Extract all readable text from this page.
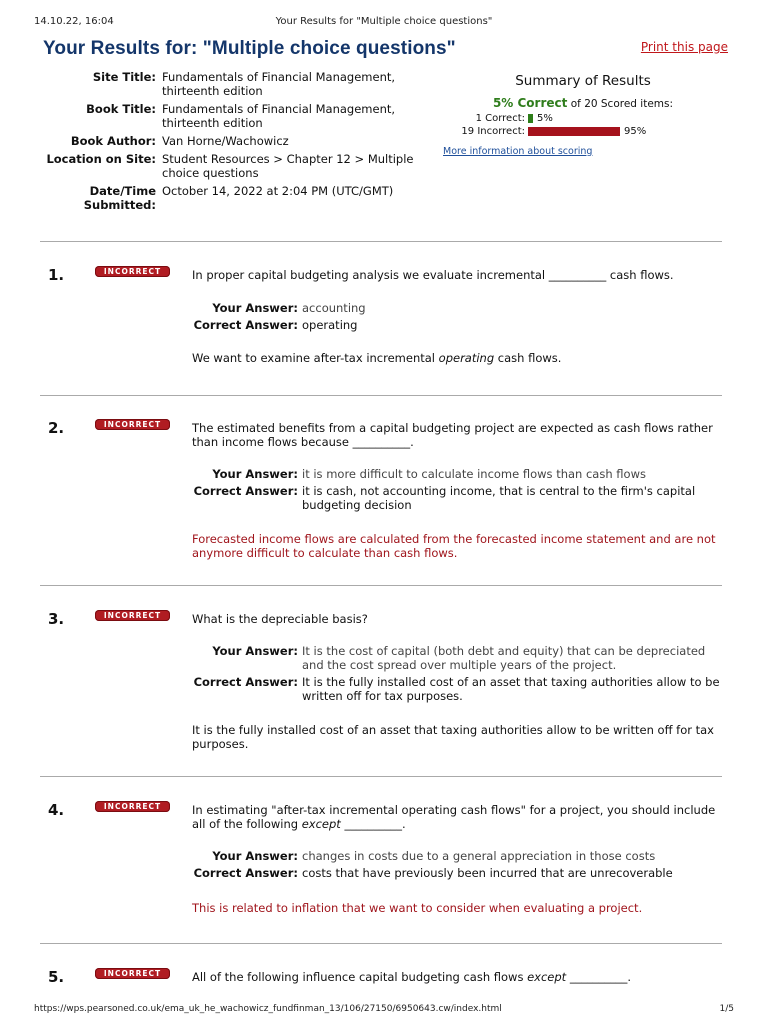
14.10.22, 16:04	Your Results for "Multiple choice questions"
Your Results for: "Multiple choice questions"	Print this page
Site Title: Fundamentals of Financial Management, thirteenth edition
Book Title: Fundamentals of Financial Management, thirteenth edition
Book Author: Van Horne/Wachowicz
Location on Site: Student Resources > Chapter 12 > Multiple choice questions
Date/Time Submitted:
October 14, 2022 at 2:04 PM (UTC/GMT)
Summary of Results
5% Correct of 20 Scored items:
1 Correct:	5%
19 Incorrect:	95%
More information about scoring
1.	INCORRECT	In proper capital budgeting analysis we evaluate incremental __________ cash flows.
Your Answer: accounting
Correct Answer: operating
We want to examine after-tax incremental operating cash flows.
2.	INCORRECT	The estimated benefits from a capital budgeting project are expected as cash flows rather than income flows because __________.
Your Answer: it is more difficult to calculate income flows than cash flows
Correct Answer: it is cash, not accounting income, that is central to the firm's capital budgeting decision
Forecasted income flows are calculated from the forecasted income statement and are not anymore difficult to calculate than cash flows.
3.	INCORRECT	What is the depreciable basis?
Your Answer: It is the cost of capital (both debt and equity) that can be depreciated and the cost spread over multiple years of the project.
Correct Answer: It is the fully installed cost of an asset that taxing authorities allow to be written off for tax purposes.
It is the fully installed cost of an asset that taxing authorities allow to be written off for tax purposes.
4.	INCORRECT	In estimating "after-tax incremental operating cash flows" for a project, you should include all of the following except __________.
Your Answer: changes in costs due to a general appreciation in those costs
Correct Answer: costs that have previously been incurred that are unrecoverable
This is related to inflation that we want to consider when evaluating a project.
5.	INCORRECT	All of the following influence capital budgeting cash flows except __________.
https://wps.pearsoned.co.uk/ema_uk_he_wachowicz_fundfinman_13/106/27150/6950643.cw/index.html	1/5
